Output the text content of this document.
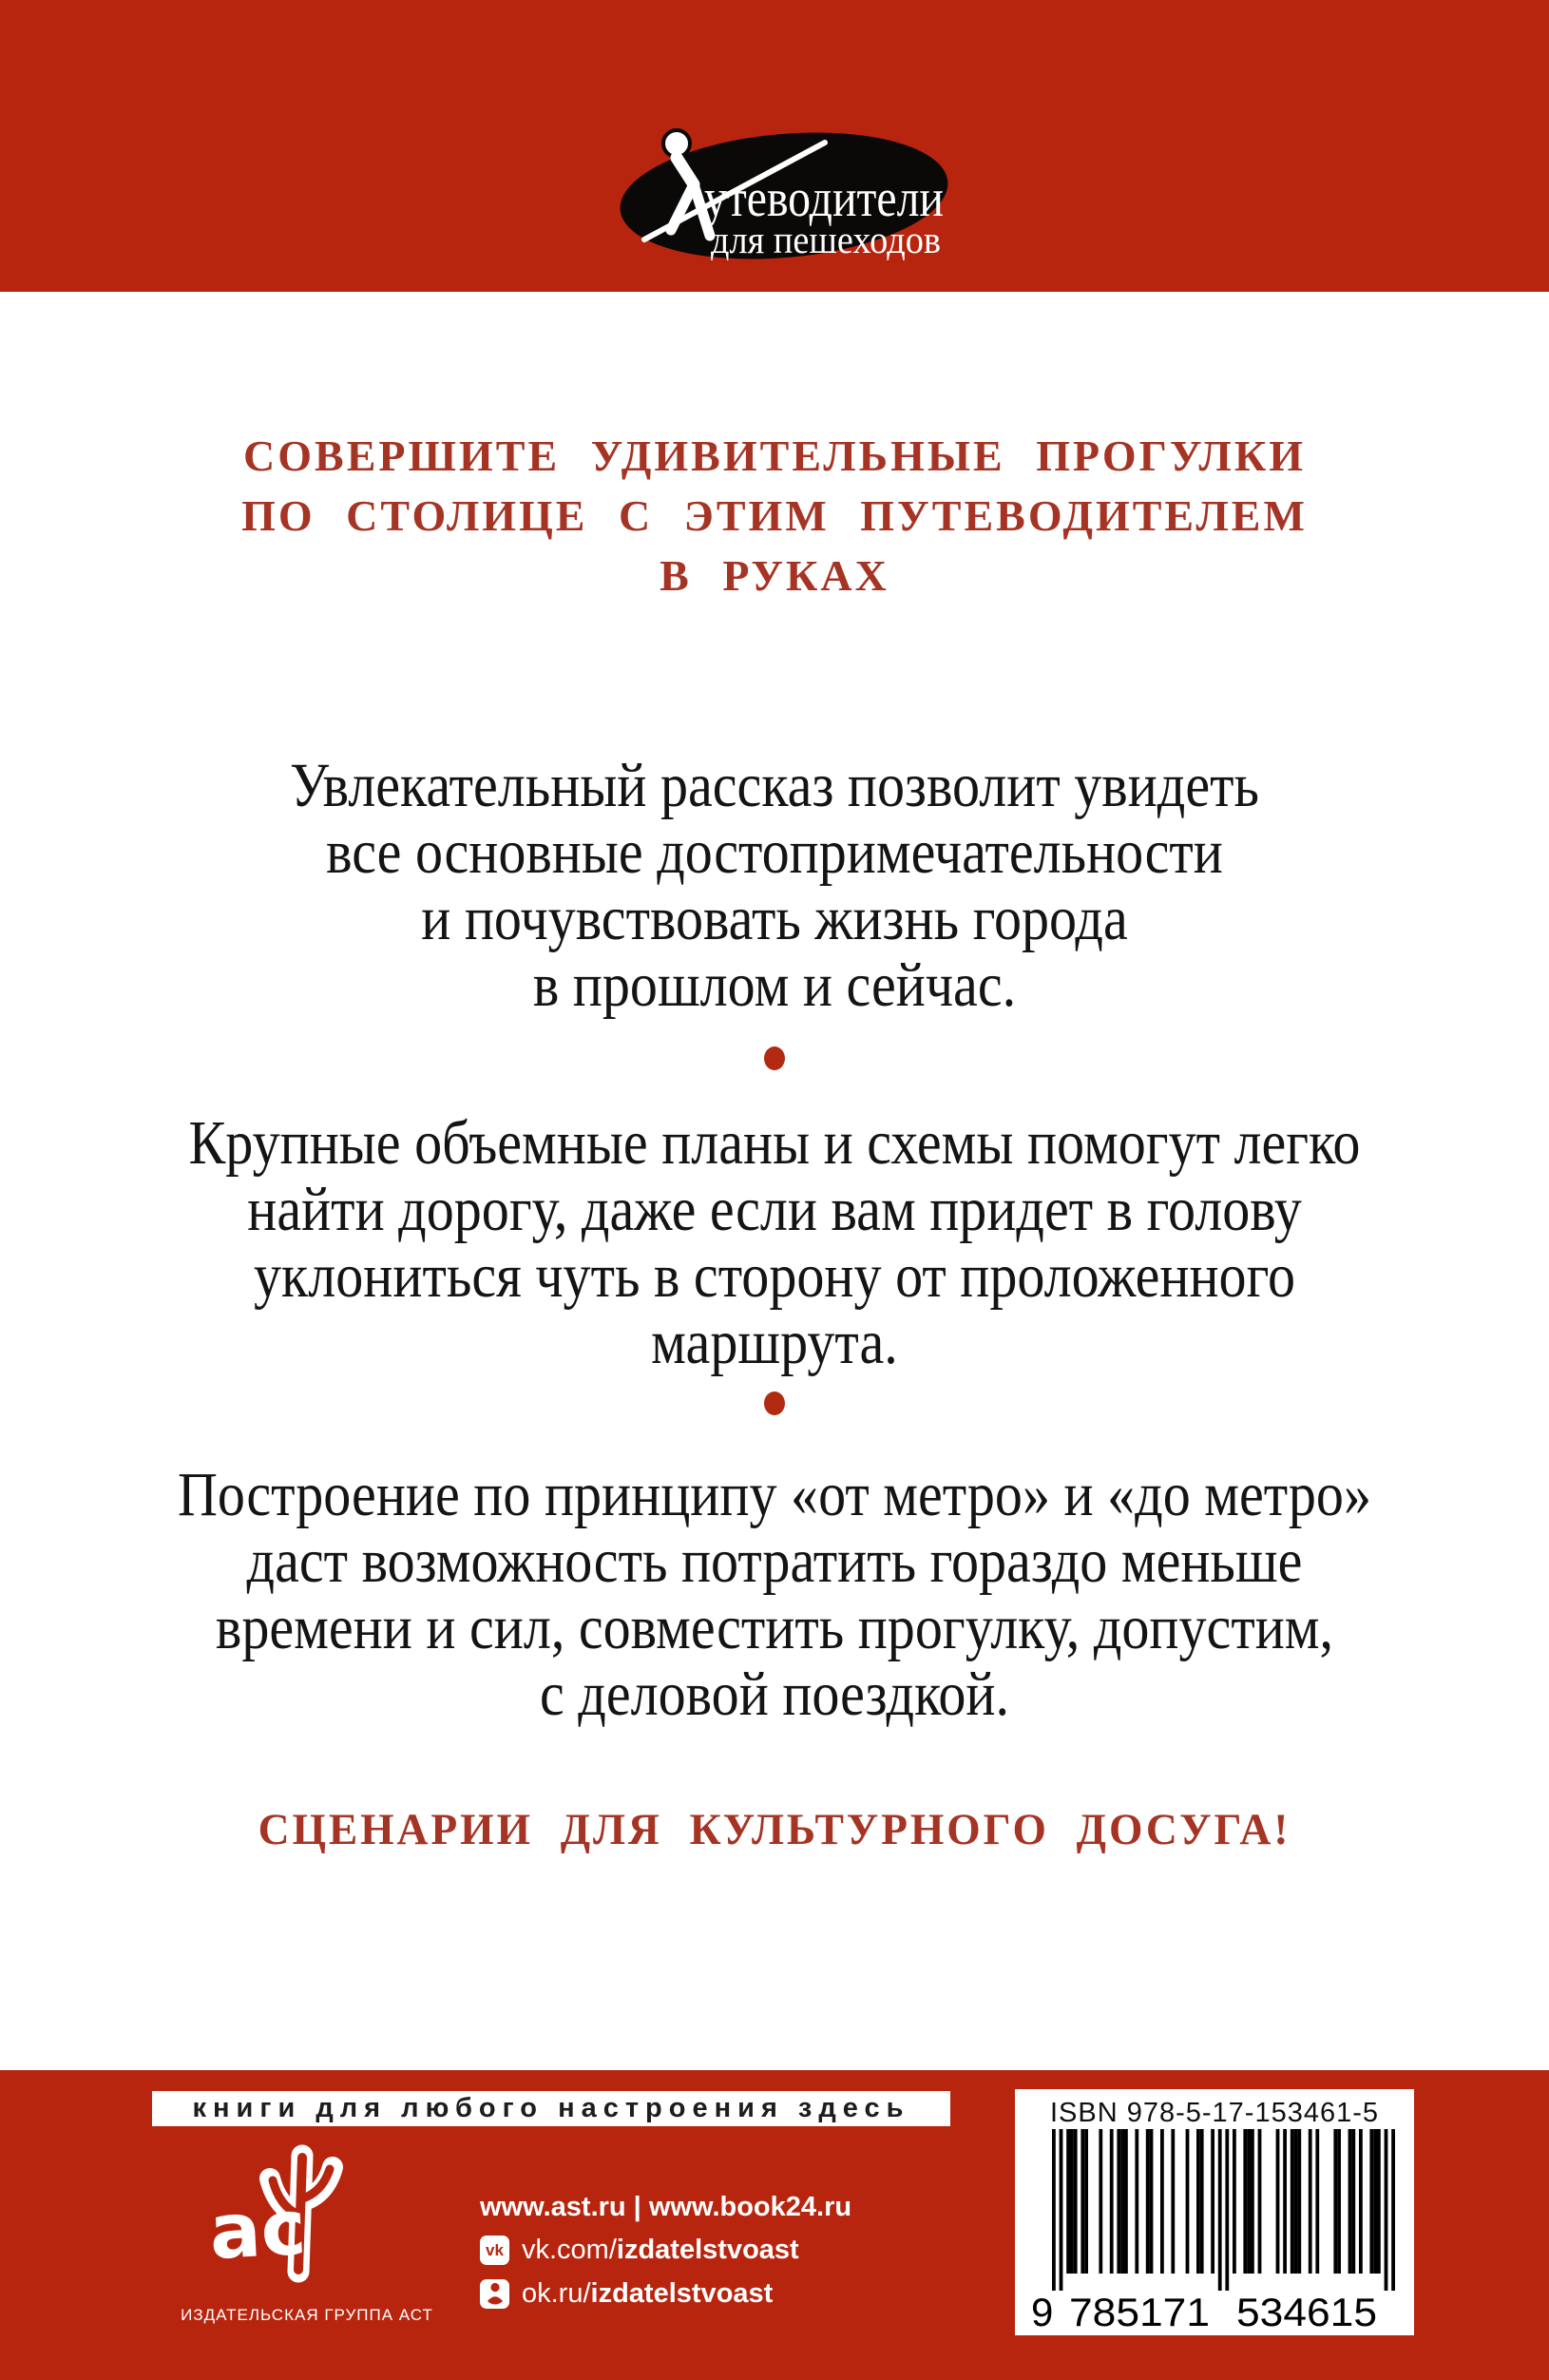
утеводители
для пешеходов
СОВЕРШИТЕ УДИВИТЕЛЬНЫЕ ПРОГУЛКИ
ПО СТОЛИЦЕ С ЭТИМ ПУТЕВОДИТЕЛЕМ
В РУКАХ
Увлекательный рассказ позволит увидеть
все основные достопримечательности
и почувствовать жизнь города
в прошлом и сейчас.
Крупные объемные планы и схемы помогут легко
найти дорогу, даже если вам придет в голову
уклониться чуть в сторону от проложенного
маршрута.
Построение по принципу «от метро» и «до метро»
даст возможность потратить гораздо меньше
времени и сил, совместить прогулку, допустим,
с деловой поездкой.
СЦЕНАРИИ ДЛЯ КУЛЬТУРНОГО ДОСУГА!
книги для любого настроения здесь
ас
ИЗДАТЕЛЬСКАЯ ГРУППА АСТ
www.ast.ru | www.book24.ru
vk vk.com/izdatelstvoast
ok.ru/izdatelstvoast
ISBN 978-5-17-153461-5
9 785171 534615
